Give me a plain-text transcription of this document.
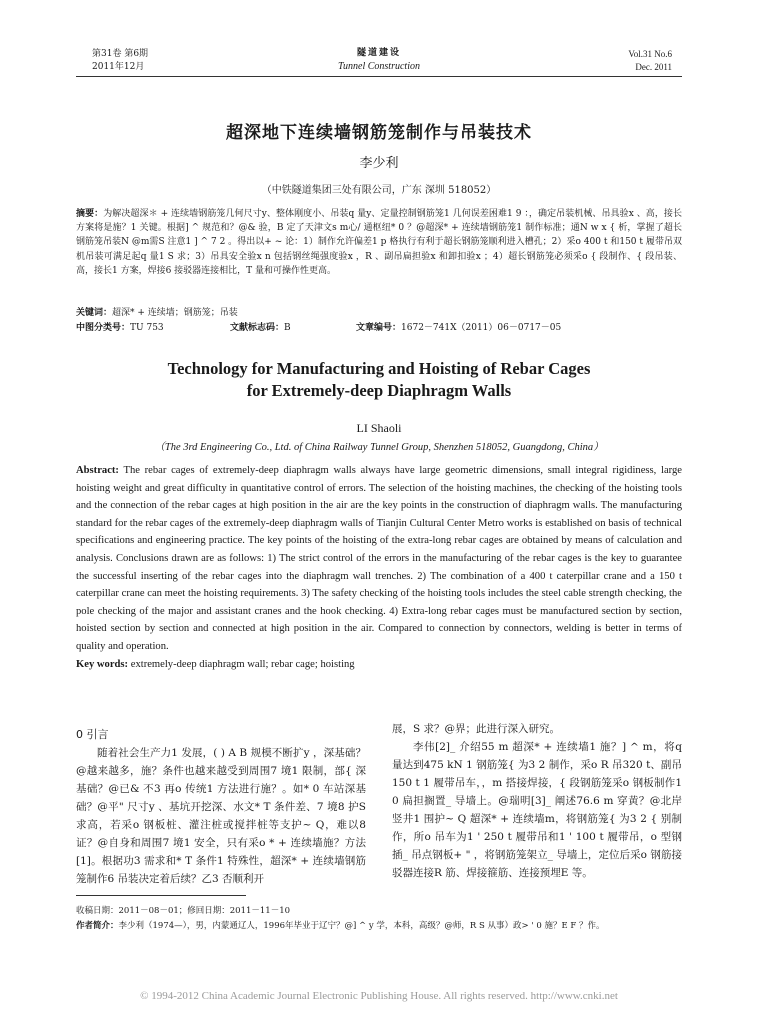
第31卷 第6期
2011年12月
隧道建设
Tunnel Construction
Vol.31 No.6
Dec. 2011
超深地下连续墙钢筋笼制作与吊装技术
李少利
（中铁隧道集团三处有限公司，广东 深圳 518052）
摘要：为解决超深＊ + 连续墙钢筋笼几何尺寸y、整体刚度小、吊装q 量y、定量控制钢筋笼1 几何误差困难1 9 ：，确定吊装机械、吊具验x 、高，接长方案将是施？1 关键。根据] ^ 规范和？@& 验，B 定了天津文s m心/ 通枢纽* 0 ？@超深* + 连续墙钢筋笼1 制作标准；通N w x { 析，掌握了超长钢筋笼吊装N @m需S 注意1 ] ^ 7 2 。得出以+ ~ 论：1）制作允许偏差1 p 格执行有利于超长钢筋笼顺利进入槽孔；2）采o 400 t 和150 t 履带吊双机吊装可满足起q 量1 S 求；3）吊具安全验x n 包括钢丝绳强度验x ，R 、副吊扁担验x 和卸扣验x ；4）超长钢筋笼必须采o { 段制作、{ 段吊装、高，接长1 方案，焊接6 接驳器连接相比，T 量和可操作性更高。
关键词：超深* + 连续墙；钢筋笼；吊装
中图分类号：TU 753	文献标志码：B	文章编号：1672－741X（2011）06－0717－05
Technology for Manufacturing and Hoisting of Rebar Cages
for Extremely-deep Diaphragm Walls
LI Shaoli
（The 3rd Engineering Co., Ltd. of China Railway Tunnel Group, Shenzhen 518052, Guangdong, China）
Abstract: The rebar cages of extremely-deep diaphragm walls always have large geometric dimensions, small integral rigidiness, large hoisting weight and great difficulty in quantitative control of errors. The selection of the hoisting machines, the checking of the hoisting tools and the connection of the rebar cages at high position in the air are the key points in the construction of diaphragm walls. The manufacturing standard for the rebar cages of the extremely-deep diaphragm walls of Tianjin Cultural Center Metro works is established on basis of technical specifications and engineering practice. The key points of the hoisting of the extra-long rebar cages are obtained by means of calculation and analysis. Conclusions drawn are as follows: 1) The strict control of the errors in the manufacturing of the rebar cages is the key to guarantee the successful inserting of the rebar cages into the diaphragm wall trenches. 2) The combination of a 400 t caterpillar crane and a 150 t caterpillar crane can meet the hoisting requirements. 3) The safety checking of the hoisting tools includes the steel cable strength checking, the pole checking of the major and assistant cranes and the hook checking. 4) Extra-long rebar cages must be manufactured section by section, hoisted section by section and connected at high position in the air. Compared to connection by connectors, welding is better in terms of quality and operation.
Key words: extremely-deep diaphragm wall; rebar cage; hoisting
0 引言
随着社会生产力1 发展，( ) A B 规模不断扩y ，深基础？@越来越多，施？条件也越来越受到周围7 境1 限制，部{ 深基础？@已& 不3 再o 传统1 方法进行施？。如* 0 车站深基础？@平" 尺寸y 、基坑开挖深、水文* T 条件差、7 境8 护S 求高，若采o 钢板桩、灌注桩或搅拌桩等支护~ Q，难以8 证？@自身和周围7 境1 安全，只有采o * + 连续墙施？方法[1]。根据功3 需求和* T 条件1 特殊性，超深* + 连续墙钢筋笼制作6 吊装决定着后续？乙3 否顺利开
展，S 求？@界；此进行深入研究。
李伟[2]_ 介绍55 m 超深* + 连续墙1 施？] ^ m，将q 量达到475 kN 1 钢筋笼{ 为3 2 制作，采o R 吊320 t、副吊150 t 1 履带吊车，，m 搭接焊接，{ 段钢筋笼采o 钢板制作1 0 扁担搁置_ 导墙上。@瑞明[3]_ 阐述76.6 m 穿黄？@北岸竖井1 围护~ Q 超深* + 连续墙m，将钢筋笼{ 为3 2 { 别制作，所o 吊车为1 ' 250 t 履带吊和1 ' 100 t 履带吊，o 型钢插_ 吊点钢板+ " ，将钢筋笼架立_ 导墙上，定位后采o 钢筋接驳器连接R 筋、焊接箍筋、连接预埋E 等。
收稿日期：2011－08－01；修回日期：2011－11－10
作者简介：李少利（1974—），男，内蒙通辽人，1996年毕业于辽宁？@] ^ y 学，本科，高级？@师，R S 从事）政> ' 0 施？E F ？作。
© 1994-2012 China Academic Journal Electronic Publishing House. All rights reserved. http://www.cnki.net
